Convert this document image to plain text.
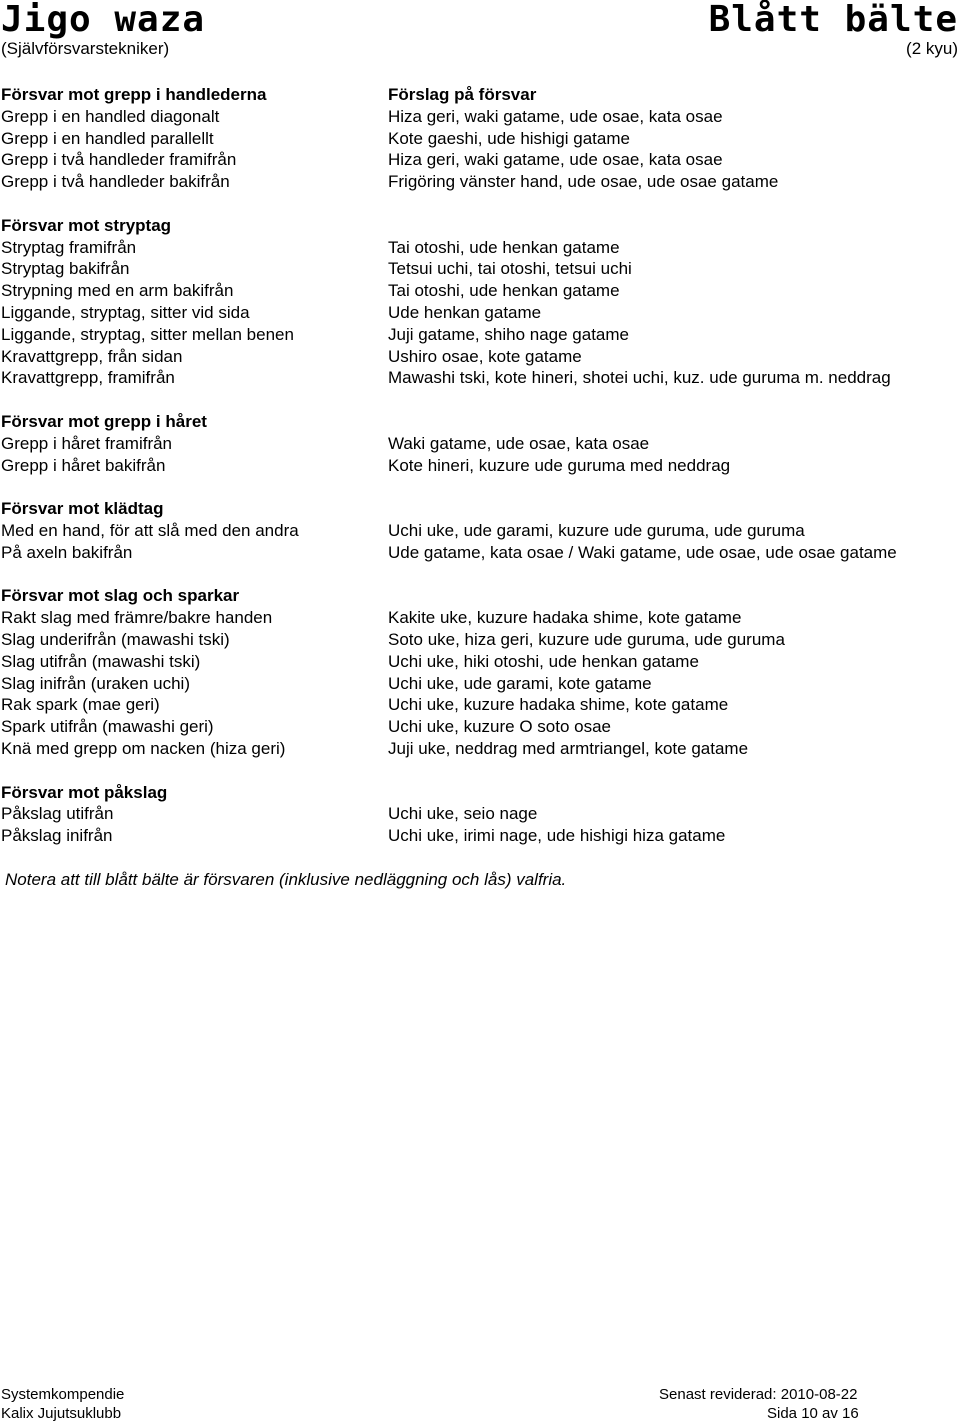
Jigo waza
(Självförsvarstekniker)
Blått bälte
(2 kyu)
Försvar mot grepp i handlederna
Grepp i en handled diagonalt
Grepp i en handled parallellt
Grepp i två handleder framifrån
Grepp i två handleder bakifrån
Försvar mot stryptag
Stryptag framifrån
Stryptag bakifrån
Strypning med en arm bakifrån
Liggande, stryptag, sitter vid sida
Liggande, stryptag, sitter mellan benen
Kravattgrepp, från sidan
Kravattgrepp, framifrån
Försvar mot grepp i håret
Grepp i håret framifrån
Grepp i håret bakifrån
Försvar mot klädtag
Med en hand, för att slå med den andra
På axeln bakifrån
Försvar mot slag och sparkar
Rakt slag med främre/bakre handen
Slag underifrån (mawashi tski)
Slag utifrån (mawashi tski)
Slag inifrån (uraken uchi)
Rak spark (mae geri)
Spark utifrån (mawashi geri)
Knä med grepp om nacken (hiza geri)
Försvar mot påkslag
Påkslag utifrån
Påkslag inifrån
Förslag på försvar
Hiza geri, waki gatame, ude osae, kata osae
Kote gaeshi, ude hishigi gatame
Hiza geri, waki gatame, ude osae, kata osae
Frigöring vänster hand, ude osae, ude osae gatame
Tai otoshi, ude henkan gatame
Tetsui uchi, tai otoshi, tetsui uchi
Tai otoshi, ude henkan gatame
Ude henkan gatame
Juji gatame, shiho nage gatame
Ushiro osae, kote gatame
Mawashi tski, kote hineri, shotei uchi, kuz. ude guruma m. neddrag
Waki gatame, ude osae, kata osae
Kote hineri, kuzure ude guruma med neddrag
Uchi uke, ude garami, kuzure ude guruma, ude guruma
Ude gatame, kata osae / Waki gatame, ude osae, ude osae gatame
Kakite uke, kuzure hadaka shime, kote gatame
Soto uke, hiza geri, kuzure ude guruma, ude guruma
Uchi uke, hiki otoshi, ude henkan gatame
Uchi uke, ude garami, kote gatame
Uchi uke, kuzure hadaka shime, kote gatame
Uchi uke, kuzure O soto osae
Juji uke, neddrag med armtriangel, kote gatame
Uchi uke, seio nage
Uchi uke, irimi nage, ude hishigi hiza gatame
Notera att till blått bälte är försvaren (inklusive nedläggning och lås) valfria.
Systemkompendie
Kalix Jujutsuklubb
Senast reviderad: 2010-08-22
Sida 10 av 16
